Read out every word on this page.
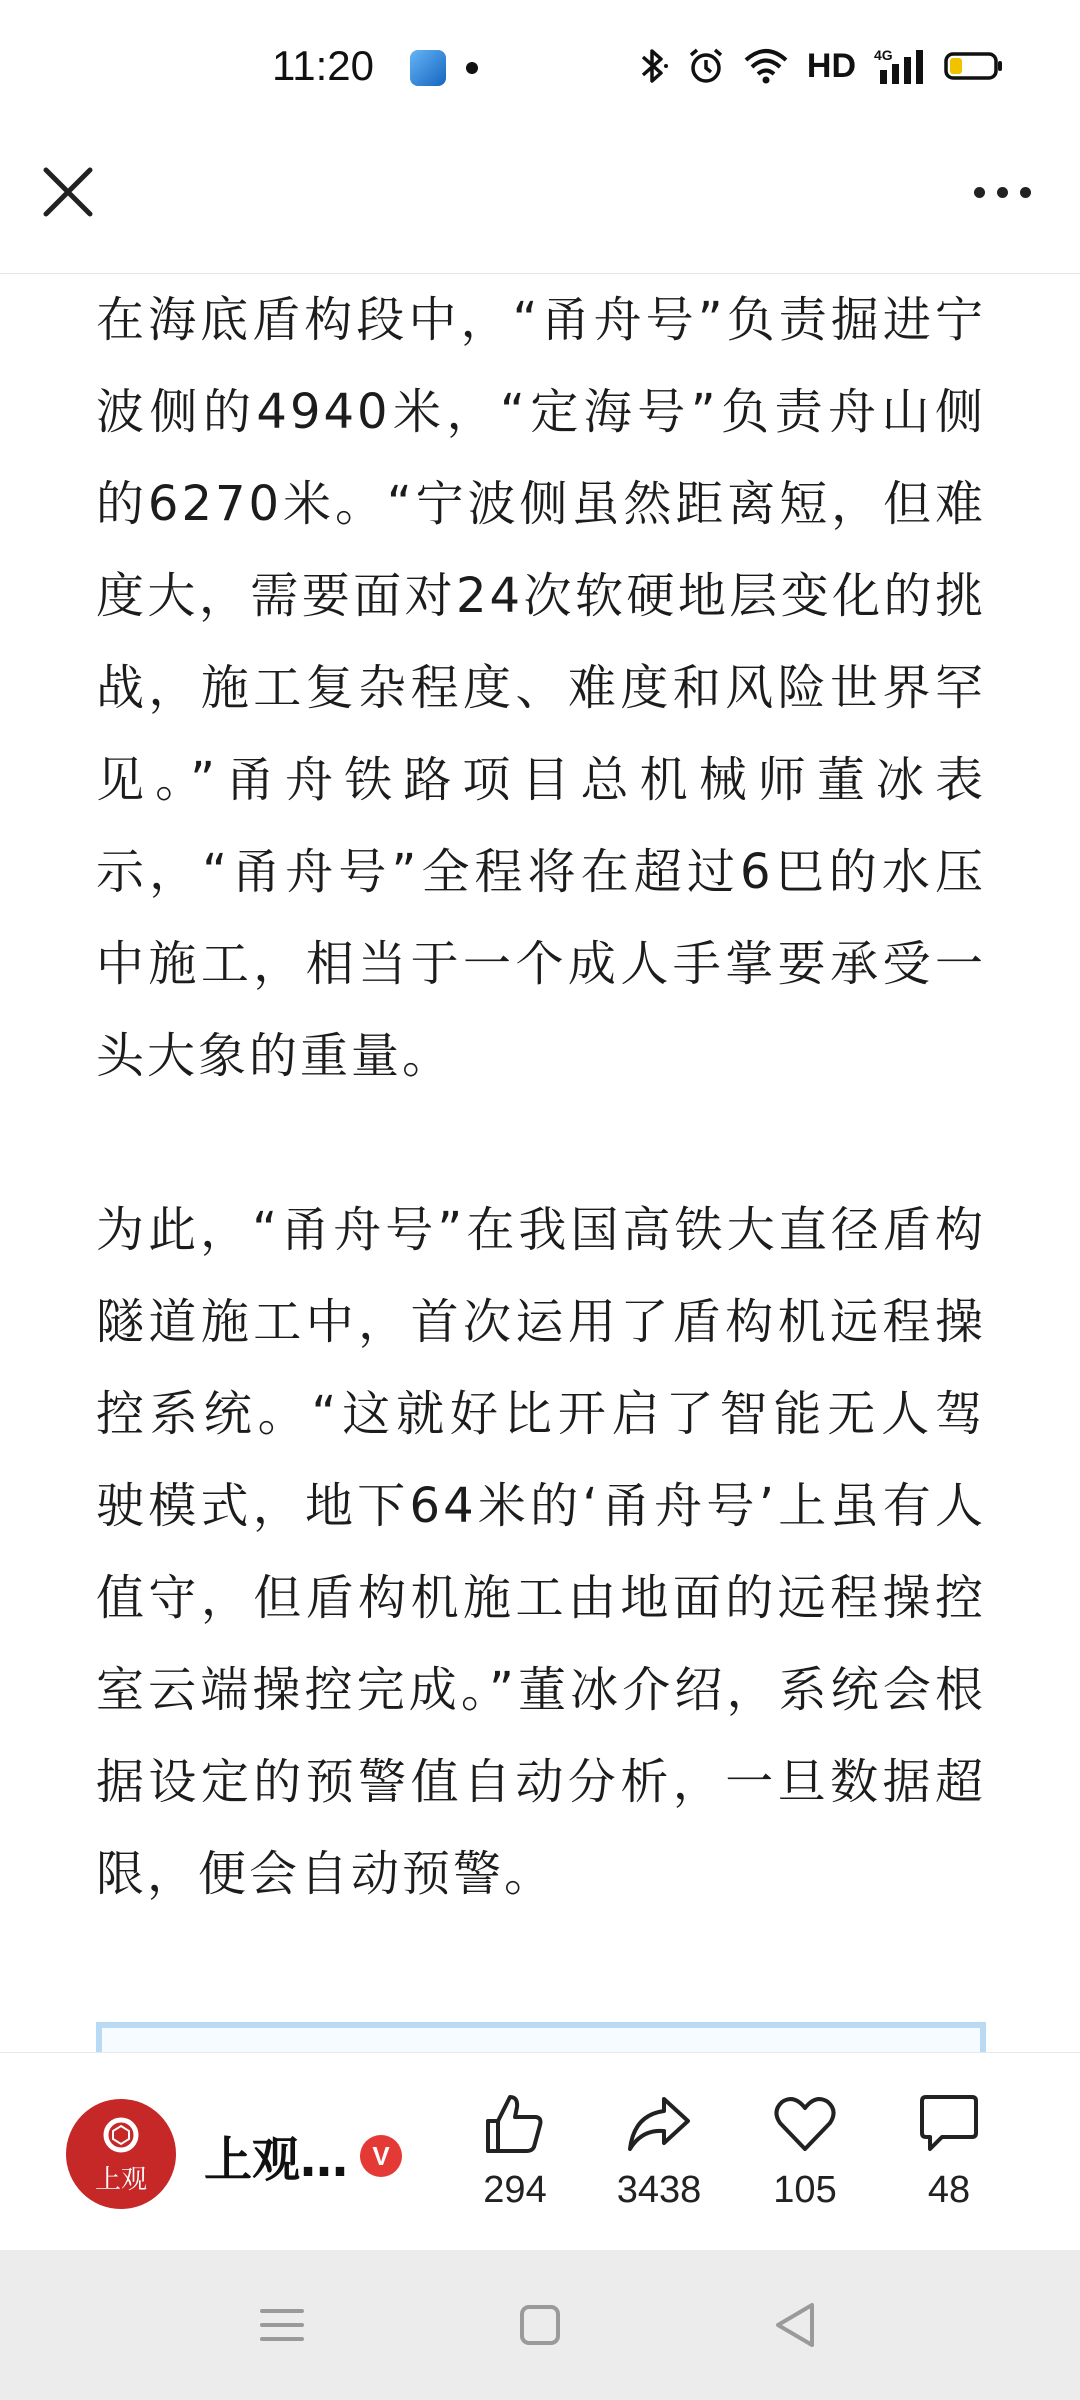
11:20	HD 4G

在海底盾构段中，“甬舟号”负责掘进宁波侧的4940米，“定海号”负责舟山侧的6270米。“宁波侧虽然距离短，但难度大，需要面对24次软硬地层变化的挑战，施工复杂程度、难度和风险世界罕见。”甬舟铁路项目总机械师董冰表示，“甬舟号”全程将在超过6巴的水压中施工，相当于一个成人手掌要承受一头大象的重量。

为此，“甬舟号”在我国高铁大直径盾构隧道施工中，首次运用了盾构机远程操控系统。“这就好比开启了智能无人驾驶模式，地下64米的‘甬舟号’上虽有人值守，但盾构机施工由地面的远程操控室云端操控完成。”董冰介绍，系统会根据设定的预警值自动分析，一旦数据超限，便会自动预警。

上观	上观… V
294	3438	105	48
